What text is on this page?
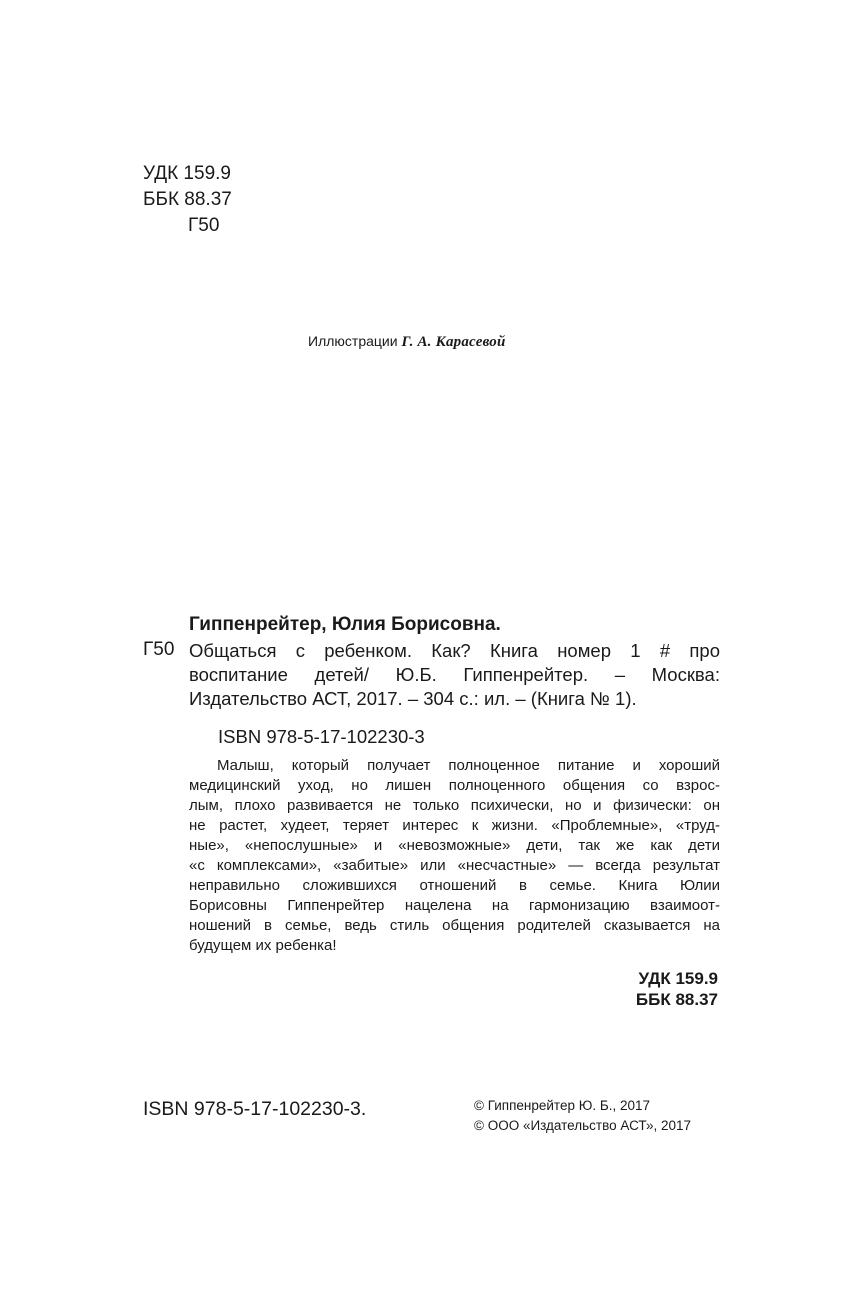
УДК 159.9
ББК 88.37
Г50
Иллюстрации Г. А. Карасевой
Гиппенрейтер, Юлия Борисовна.
Г50 Общаться с ребенком. Как? Книга номер 1 # про
воспитание детей/ Ю.Б. Гиппенрейтер. – Москва:
Издательство АСТ, 2017. – 304 с.: ил. – (Книга № 1).
ISBN 978-5-17-102230-3
Малыш, который получает полноценное питание и хороший
медицинский уход, но лишен полноценного общения со взрос-
лым, плохо развивается не только психически, но и физически: он
не растет, худеет, теряет интерес к жизни. «Проблемные», «труд-
ные», «непослушные» и «невозможные» дети, так же как дети
«с комплексами», «забитые» или «несчастные» — всегда результат
неправильно сложившихся отношений в семье. Книга Юлии
Борисовны Гиппенрейтер нацелена на гармонизацию взаимоот-
ношений в семье, ведь стиль общения родителей сказывается на
будущем их ребенка!
УДК 159.9
ББК 88.37
ISBN 978-5-17-102230-3.	© Гиппенрейтер Ю. Б., 2017
© ООО «Издательство АСТ», 2017
